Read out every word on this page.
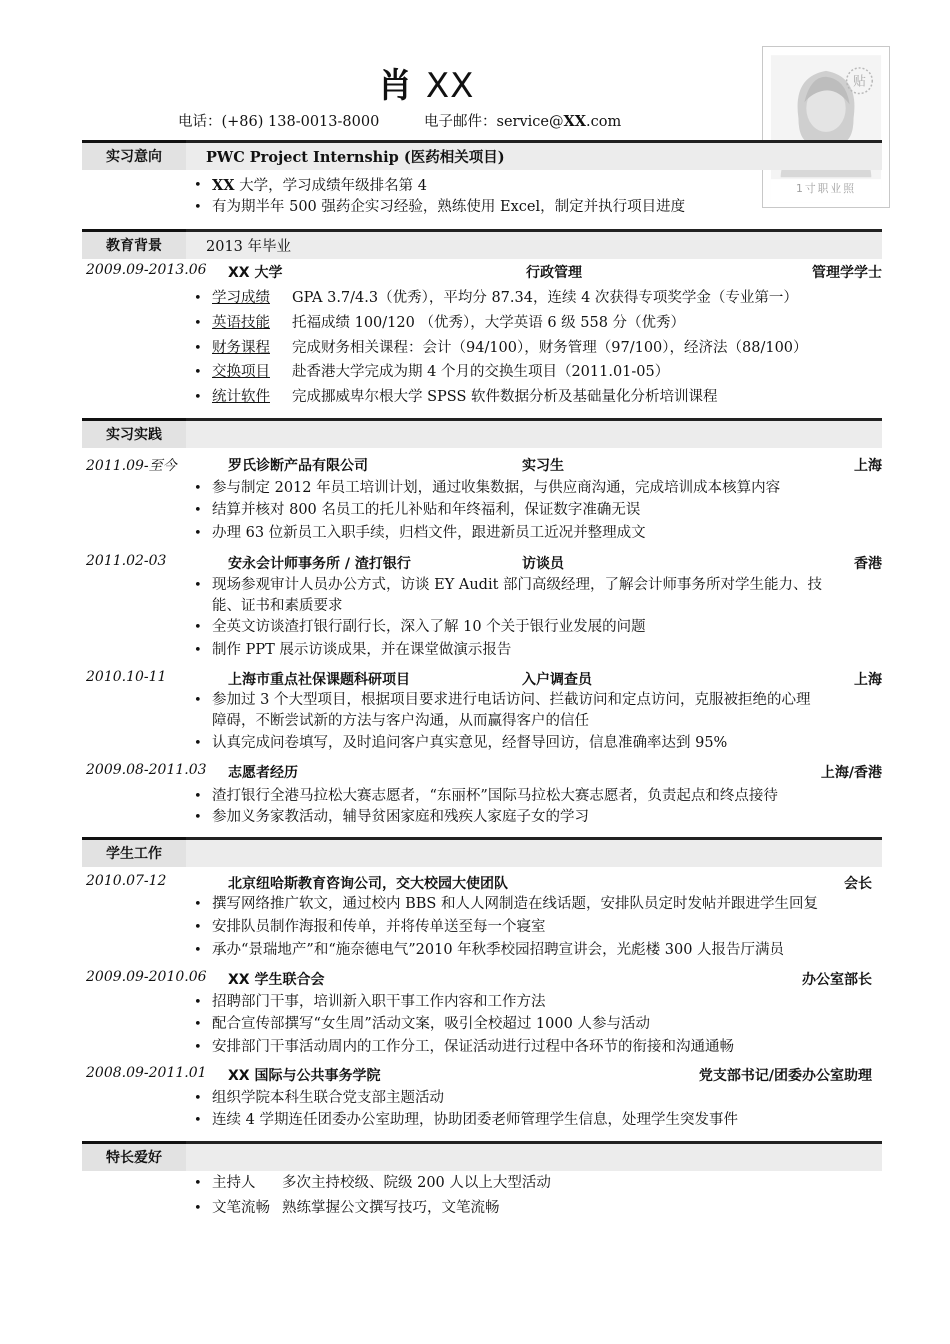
肖 XX
电话：(+86) 138-0013-8000	电子邮件：service@XX.com
贴
1寸职业照
实习意向	PWC Project Internship (医药相关项目)
• XX 大学，学习成绩年级排名第 4
• 有为期半年 500 强药企实习经验，熟练使用 Excel，制定并执行项目进度
教育背景	2013 年毕业
2009.09-2013.06 XX 大学	行政管理	管理学学士
• 学习成绩 GPA 3.7/4.3（优秀），平均分 87.34，连续 4 次获得专项奖学金（专业第一）
• 英语技能 托福成绩 100/120 （优秀），大学英语 6 级 558 分（优秀）
• 财务课程 完成财务相关课程：会计（94/100），财务管理（97/100），经济法（88/100）
• 交换项目 赴香港大学完成为期 4 个月的交换生项目（2011.01-05）
• 统计软件 完成挪威卑尔根大学 SPSS 软件数据分析及基础量化分析培训课程
实习实践
2011.09-至今	罗氏诊断产品有限公司	实习生	上海
• 参与制定 2012 年员工培训计划，通过收集数据，与供应商沟通，完成培训成本核算内容
• 结算并核对 800 名员工的托儿补贴和年终福利，保证数字准确无误
• 办理 63 位新员工入职手续，归档文件，跟进新员工近况并整理成文
2011.02-03	安永会计师事务所 / 渣打银行	访谈员	香港
• 现场参观审计人员办公方式，访谈 EY Audit 部门高级经理，了解会计师事务所对学生能力、技
能、证书和素质要求
• 全英文访谈渣打银行副行长，深入了解 10 个关于银行业发展的问题
• 制作 PPT 展示访谈成果，并在课堂做演示报告
2010.10-11	上海市重点社保课题科研项目	入户调查员	上海
• 参加过 3 个大型项目，根据项目要求进行电话访问、拦截访问和定点访问，克服被拒绝的心理
障碍，不断尝试新的方法与客户沟通，从而赢得客户的信任
• 认真完成问卷填写，及时追问客户真实意见，经督导回访，信息准确率达到 95%
2009.08-2011.03 志愿者经历	上海/香港
• 渣打银行全港马拉松大赛志愿者，“东丽杯”国际马拉松大赛志愿者，负责起点和终点接待
• 参加义务家教活动，辅导贫困家庭和残疾人家庭子女的学习
学生工作
2010.07-12	北京纽哈斯教育咨询公司，交大校园大使团队	会长
• 撰写网络推广软文，通过校内 BBS 和人人网制造在线话题，安排队员定时发帖并跟进学生回复
• 安排队员制作海报和传单，并将传单送至每一个寝室
• 承办“景瑞地产”和“施奈德电气”2010 年秋季校园招聘宣讲会，光彪楼 300 人报告厅满员
2009.09-2010.06 XX 学生联合会	办公室部长
• 招聘部门干事，培训新入职干事工作内容和工作方法
• 配合宣传部撰写“女生周”活动文案，吸引全校超过 1000 人参与活动
• 安排部门干事活动周内的工作分工，保证活动进行过程中各环节的衔接和沟通通畅
2008.09-2011.01 XX 国际与公共事务学院	党支部书记/团委办公室助理
• 组织学院本科生联合党支部主题活动
• 连续 4 学期连任团委办公室助理，协助团委老师管理学生信息，处理学生突发事件
特长爱好
• 主持人 多次主持校级、院级 200 人以上大型活动
• 文笔流畅 熟练掌握公文撰写技巧，文笔流畅
